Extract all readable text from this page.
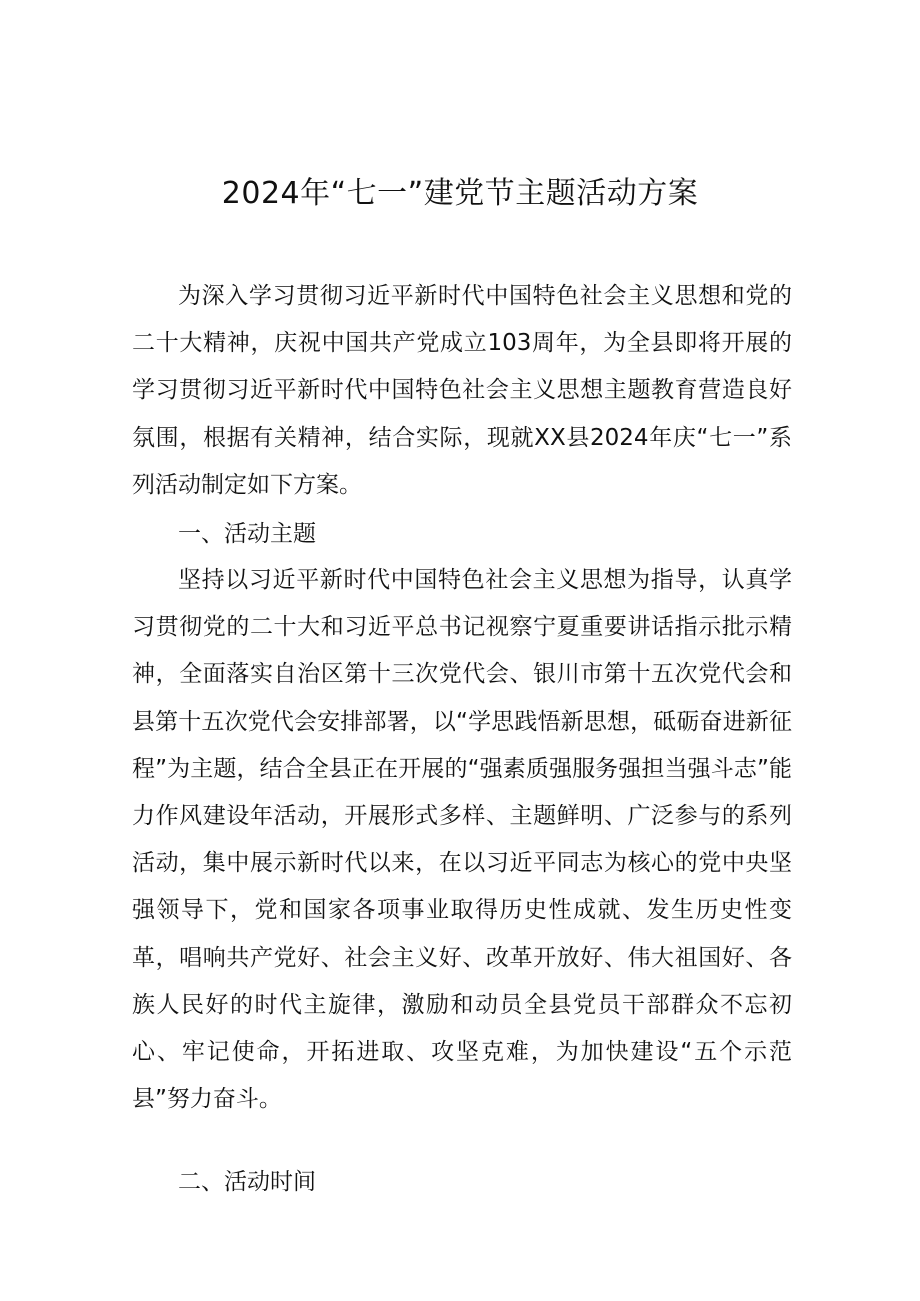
2024年“七一”建党节主题活动方案

为深入学习贯彻习近平新时代中国特色社会主义思想和党的二十大精神，庆祝中国共产党成立103周年，为全县即将开展的学习贯彻习近平新时代中国特色社会主义思想主题教育营造良好氛围，根据有关精神，结合实际，现就XX县2024年庆“七一”系列活动制定如下方案。

一、活动主题

坚持以习近平新时代中国特色社会主义思想为指导，认真学习贯彻党的二十大和习近平总书记视察宁夏重要讲话指示批示精神，全面落实自治区第十三次党代会、银川市第十五次党代会和县第十五次党代会安排部署，以“学思践悟新思想，砥砺奋进新征程”为主题，结合全县正在开展的“强素质强服务强担当强斗志”能力作风建设年活动，开展形式多样、主题鲜明、广泛参与的系列活动，集中展示新时代以来，在以习近平同志为核心的党中央坚强领导下，党和国家各项事业取得历史性成就、发生历史性变革，唱响共产党好、社会主义好、改革开放好、伟大祖国好、各族人民好的时代主旋律，激励和动员全县党员干部群众不忘初心、牢记使命，开拓进取、攻坚克难，为加快建设“五个示范县”努力奋斗。

二、活动时间
